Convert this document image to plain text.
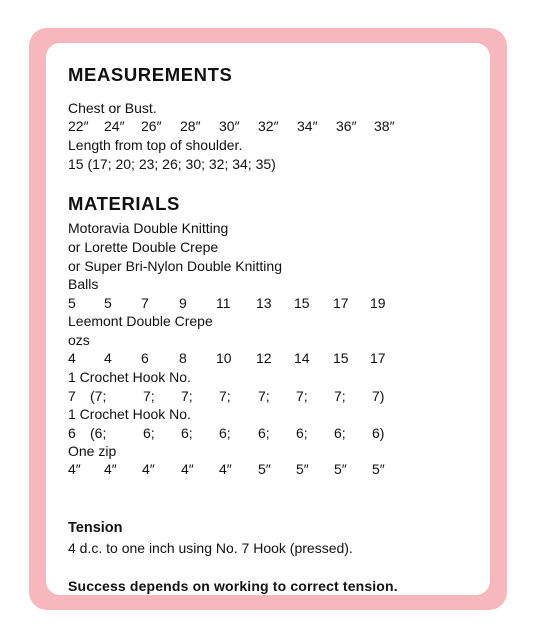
MEASUREMENTS
Chest or Bust.
22″ 24″ 26″ 28″ 30″ 32″ 34″ 36″ 38″
Length from top of shoulder.
15 (17; 20; 23; 26; 30; 32; 34; 35)
MATERIALS
Motoravia Double Knitting
or Lorette Double Crepe
or Super Bri-Nylon Double Knitting
Balls
5 5 7 9 11 13 15 17 19
Leemont Double Crepe
ozs
4 4 6 8 10 12 14 15 17
1 Crochet Hook No.
7 (7;	7; 7; 7; 7; 7; 7; 7)
1 Crochet Hook No.
6 (6;	6; 6; 6; 6; 6; 6; 6)
One zip
4″ 4″ 4″ 4″ 4″ 5″ 5″ 5″ 5″
Tension
4 d.c. to one inch using No. 7 Hook (pressed).
Success depends on working to correct tension.
